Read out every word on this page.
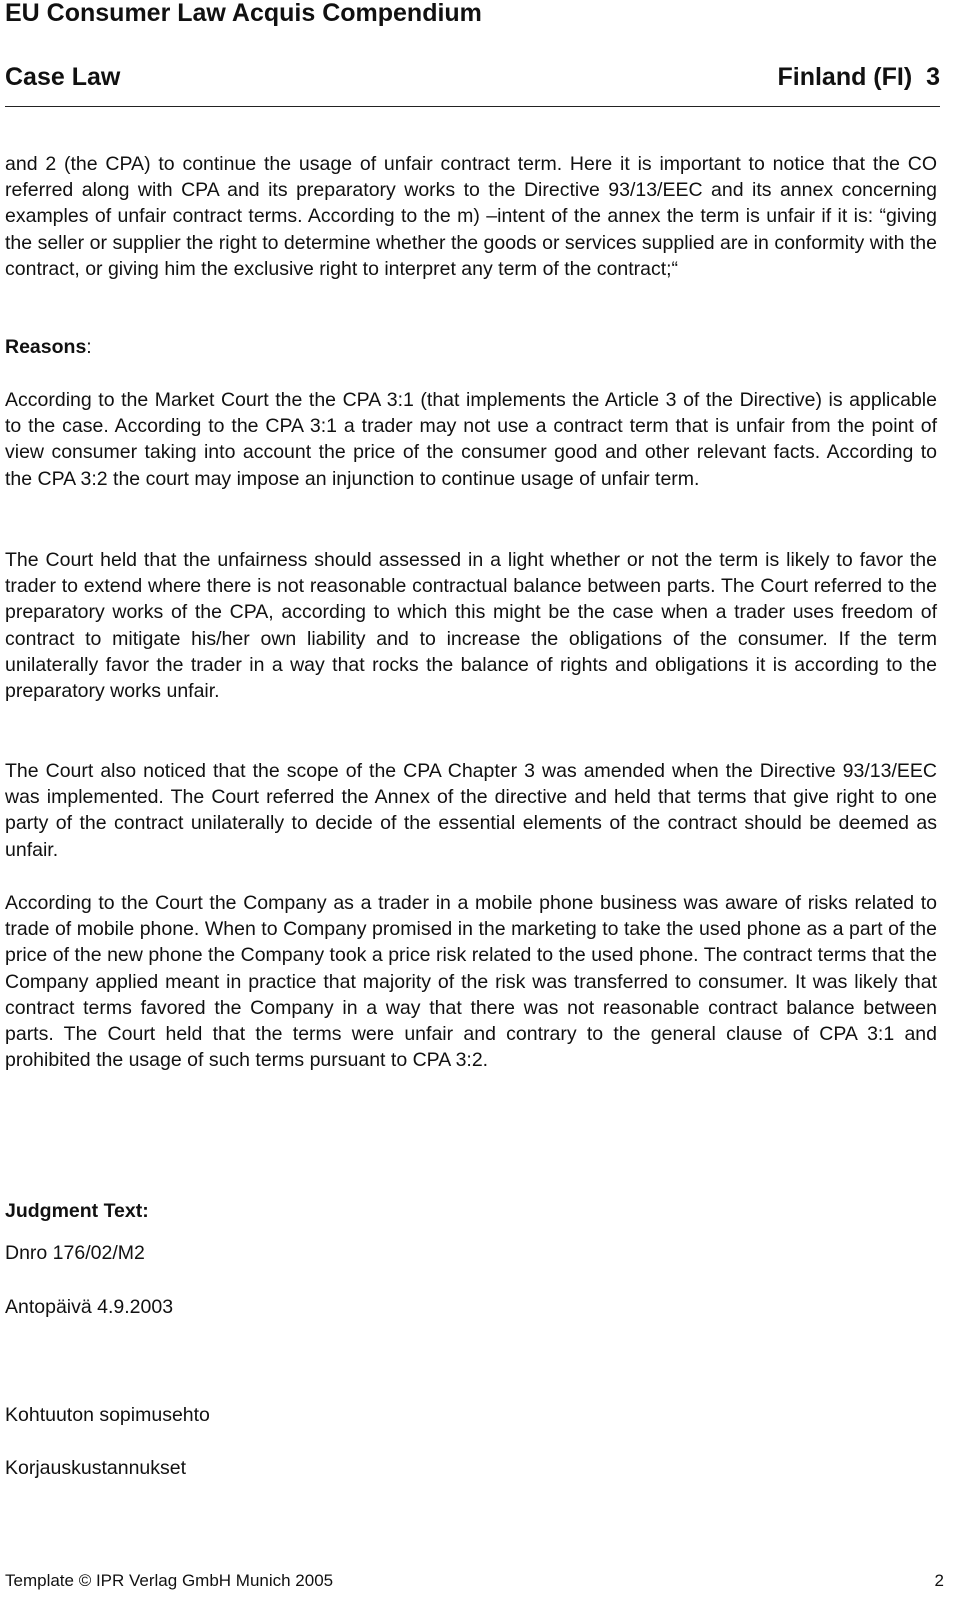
EU Consumer Law Acquis Compendium
Case Law	Finland (FI) 3

and 2 (the CPA) to continue the usage of unfair contract term. Here it is important to notice that the CO referred along with CPA and its preparatory works to the Directive 93/13/EEC and its annex concerning examples of unfair contract terms. According to the m) –intent of the annex the term is unfair if it is: “giving the seller or supplier the right to determine whether the goods or services supplied are in conformity with the contract, or giving him the exclusive right to interpret any term of the contract;“

Reasons:

According to the Market Court the the CPA 3:1 (that implements the Article 3 of the Directive) is applicable to the case. According to the CPA 3:1 a trader may not use a contract term that is unfair from the point of view consumer taking into account the price of the consumer good and other relevant facts. According to the CPA 3:2 the court may impose an injunction to continue usage of unfair term.

The Court held that the unfairness should assessed in a light whether or not the term is likely to favor the trader to extend where there is not reasonable contractual balance between parts. The Court referred to the preparatory works of the CPA, according to which this might be the case when a trader uses freedom of contract to mitigate his/her own liability and to increase the obligations of the consumer. If the term unilaterally favor the trader in a way that rocks the balance of rights and obligations it is according to the preparatory works unfair.

The Court also noticed that the scope of the CPA Chapter 3 was amended when the Directive 93/13/EEC was implemented. The Court referred the Annex of the directive and held that terms that give right to one party of the contract unilaterally to decide of the essential elements of the contract should be deemed as unfair.

According to the Court the Company as a trader in a mobile phone business was aware of risks related to trade of mobile phone. When to Company promised in the marketing to take the used phone as a part of the price of the new phone the Company took a price risk related to the used phone. The contract terms that the Company applied meant in practice that majority of the risk was transferred to consumer. It was likely that contract terms favored the Company in a way that there was not reasonable contract balance between parts. The Court held that the terms were unfair and contrary to the general clause of CPA 3:1 and prohibited the usage of such terms pursuant to CPA 3:2.

Judgment Text:

Dnro 176/02/M2

Antopäivä 4.9.2003

Kohtuuton sopimusehto

Korjauskustannukset

Template © IPR Verlag GmbH Munich 2005	2
